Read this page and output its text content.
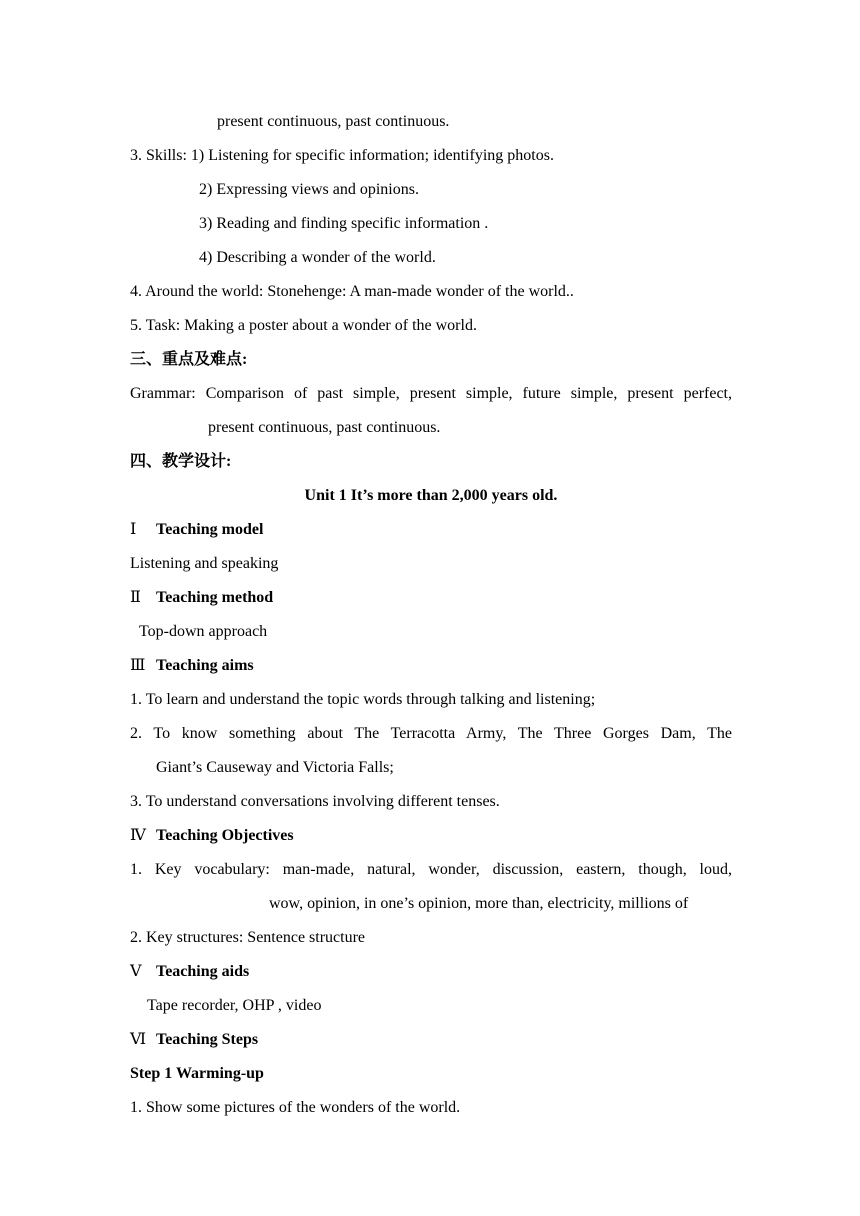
present continuous, past continuous.
3. Skills: 1) Listening for specific information; identifying photos.
2) Expressing views and opinions.
3) Reading and finding specific information .
4) Describing a wonder of the world.
4. Around the world: Stonehenge: A man-made wonder of the world..
5. Task: Making a poster about a wonder of the world.
三、重点及难点:
Grammar: Comparison of past simple, present simple, future simple, present perfect,
present continuous, past continuous.
四、教学设计:
Unit 1 It’s more than 2,000 years old.
Ⅰ Teaching model
Listening and speaking
Ⅱ Teaching method
Top-down approach
Ⅲ Teaching aims
1. To learn and understand the topic words through talking and listening;
2. To know something about The Terracotta Army, The Three Gorges Dam, The
Giant’s Causeway and Victoria Falls;
3. To understand conversations involving different tenses.
Ⅳ Teaching Objectives
1. Key vocabulary: man-made, natural, wonder, discussion, eastern, though, loud,
wow, opinion, in one’s opinion, more than, electricity, millions of
2. Key structures: Sentence structure
Ⅴ Teaching aids
Tape recorder, OHP , video
Ⅵ Teaching Steps
Step 1 Warming-up
1. Show some pictures of the wonders of the world.
